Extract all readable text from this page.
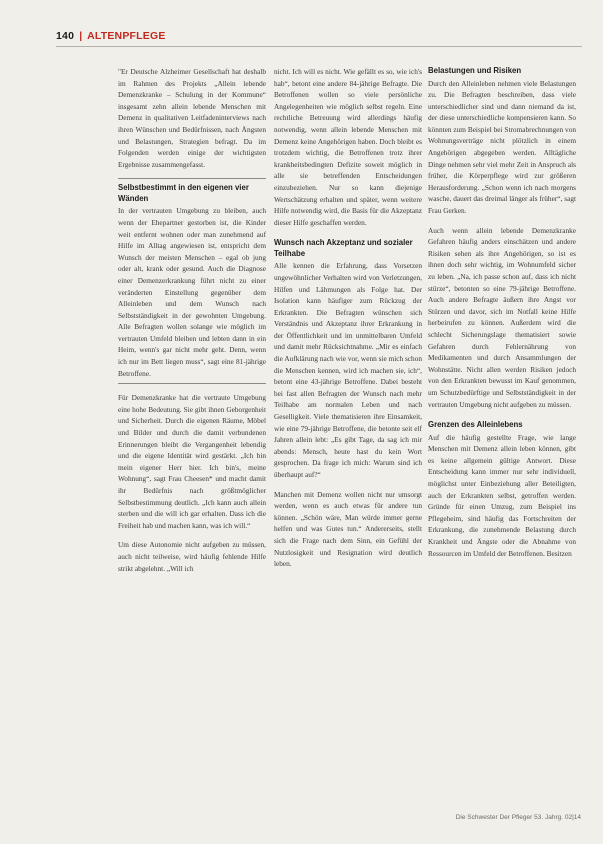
140 | ALTENPFLEGE

"Er Deutsche Alzheimer Gesellschaft hat deshalb im Rahmen des Projekts „Allein lebende Demenzkranke – Schulung in der Kommune“ insgesamt zehn allein lebende Menschen mit Demenz in qualitativen Leitfadeninterviews nach ihren Wünschen und Bedürfnissen, nach Ängsten und Belastungen, Strategien befragt. Da im Folgenden werden einige der wichtigsten Ergebnisse zusammengefasst.

Selbstbestimmt in den eigenen vier Wänden

In der vertrauten Umgebung zu bleiben, auch wenn der Ehepartner gestorben ist, die Kinder weit entfernt wohnen oder man zunehmend auf Hilfe im Alltag angewiesen ist, entspricht dem Wunsch der meisten Menschen – egal ob jung oder alt, krank oder gesund. Auch die Diagnose einer Demenzerkrankung führt nicht zu einer veränderten Einstellung gegenüber dem Alleinleben und dem Wunsch nach Selbstständigkeit in der gewohnten Umgebung. Alle Befragten wollen solange wie möglich im vertrauten Umfeld bleiben und lebten dann in ein Heim, wenn's gar nicht mehr geht. Denn, wenn ich nur im Bett liegen muss“, sagt eine 81-jährige Betroffene.

Für Demenzkranke hat die vertraute Umgebung eine hohe Bedeutung. Sie gibt ihnen Geborgenheit und Sicherheit. Durch die eigenen Räume, Möbel und Bilder und durch die damit verbundenen Erinnerungen bleibt die Vergangenheit lebendig und die eigene Identität wird gestärkt. „Ich bin mein eigener Herr hier. Ich bin's, meine Wohnung“, sagt Frau Cheesen* und macht damit ihr Bedürfnis nach größtmöglicher Selbstbestimmung deutlich. „Ich kann auch allein sterben und die will ich gar erhalten. Dass ich die Freiheit hab und machen kann, was ich will.“

Um diese Autonomie nicht aufgeben zu müssen, auch nicht teilweise, wird häufig fehlende Hilfe strikt abgelehnt. „Will ich

nicht. Ich will es nicht. Wie gefällt es so, wie ich's hab“, betont eine andere 84-jährige Befragte. Die Betroffenen wollen so viele persönliche Angelegenheiten wie möglich selbst regeln. Eine rechtliche Betreuung wird allerdings häufig notwendig, wenn allein lebende Menschen mit Demenz keine Angehörigen haben. Doch bleibt es trotzdem wichtig, die Betroffenen trotz ihrer krankheitsbedingten Defizite soweit möglich in alle sie betreffenden Entscheidungen einzubeziehen. Nur so kann diejenige Wertschätzung erhalten und später, wenn weitere Hilfe notwendig wird, die Basis für die Akzeptanz dieser Hilfe geschaffen werden.

Wunsch nach Akzeptanz und sozialer Teilhabe

Alle kennen die Erfahrung, dass Vorsetzen ungewöhnlicher Verhalten wird von Verletzungen, Hilfen und Lähmungen als Folge hat. Der Isolation kann häufiger zum Rückzug der Erkrankten. Die Befragten wünschen sich Verständnis und Akzeptanz ihrer Erkrankung in der Öffentlichkeit und im unmittelbaren Umfeld und damit mehr Rücksichtnahme. „Mir es einfach die Aufklärung nach wie vor, wenn sie mich schon die Menschen kennen, wird ich machen sie, ich“, betont eine 43-jährige Betroffene. Dabei besteht bei fast allen Befragten der Wunsch nach mehr Teilhabe am normalen Leben und nach Geselligkeit. Viele thematisieren ihre Einsamkeit, wie eine 79-jährige Betroffene, die betonte seit elf Jahren allein lebt: „Es gibt Tage, da sag ich mir abends: Mensch, heute hast du kein Wort gesprochen. Da frage ich mich: Warum sind ich überhaupt auf?“

Manchen mit Demenz wollen nicht nur umsorgt werden, wenn es auch etwas für andere tun können. „Schön wäre, Man würde immer gerne helfen und was Gutes tun.“ Andererseits, stellt sich die Frage nach dem Sinn, ein Gefühl der Nutzlosigkeit und Resignation wird deutlich leben.

Belastungen und Risiken

Durch den Alleinleben nehmen viele Belastungen zu. Die Befragten beschreiben, dass viele unterschiedlicher sind und dann niemand da ist, der diese unterschiedliche kompensieren kann. So könnten zum Beispiel bei Stromabrechnungen von Wohnungsverträge nicht plötzlich in einem Angehörigen abgegeben werden. Alltägliche Dinge nehmen sehr viel mehr Zeit in Anspruch als früher, die Körperpflege wird zur größeren Herausforderung. „Schon wenn ich nach morgens wasche, dauert das dreimal länger als früher“, sagt Frau Gerken.

Auch wenn allein lebende Demenzkranke Gefahren häufig anders einschätzen und andere Risiken sehen als ihre Angehörigen, so ist es ihnen doch sehr wichtig, im Wohnumfeld sicher zu leben. „Na, ich passe schon auf, dass ich nicht stürze“, betonten so eine 79-jährige Betroffene. Auch andere Befragte äußern ihre Angst vor Stürzen und davor, sich im Notfall keine Hilfe herbeirufen zu können. Außerdem wird die schlecht Sicherungslage thematisiert sowie Gefahren durch Fehlernährung von Medikamenten und durch Ansammlungen der Wohnstätte. Nicht allen werden Risiken jedoch von den Erkrankten bewusst im Kauf genommen, um Schutzbedürftige und Selbstständigkeit in der vertrauten Umgebung nicht aufgeben zu müssen.

Grenzen des Alleinlebens

Auf die häufig gestellte Frage, wie lange Menschen mit Demenz allein leben können, gibt es keine allgemein gültige Antwort. Diese Entscheidung kann immer nur sehr individuell, möglichst unter Einbeziehung aller Beteiligten, auch der Erkrankten selbst, getroffen werden. Gründe für einen Umzug, zum Beispiel ins Pflegeheim, sind häufig das Fortschreiten der Erkrankung, die zunehmende Belastung durch Krankheit und Ängste oder die Abnahme von Ressourcen im Umfeld der Betroffenen. Besitzen

Die Schwester Der Pfleger 53. Jahrg. 02|14
